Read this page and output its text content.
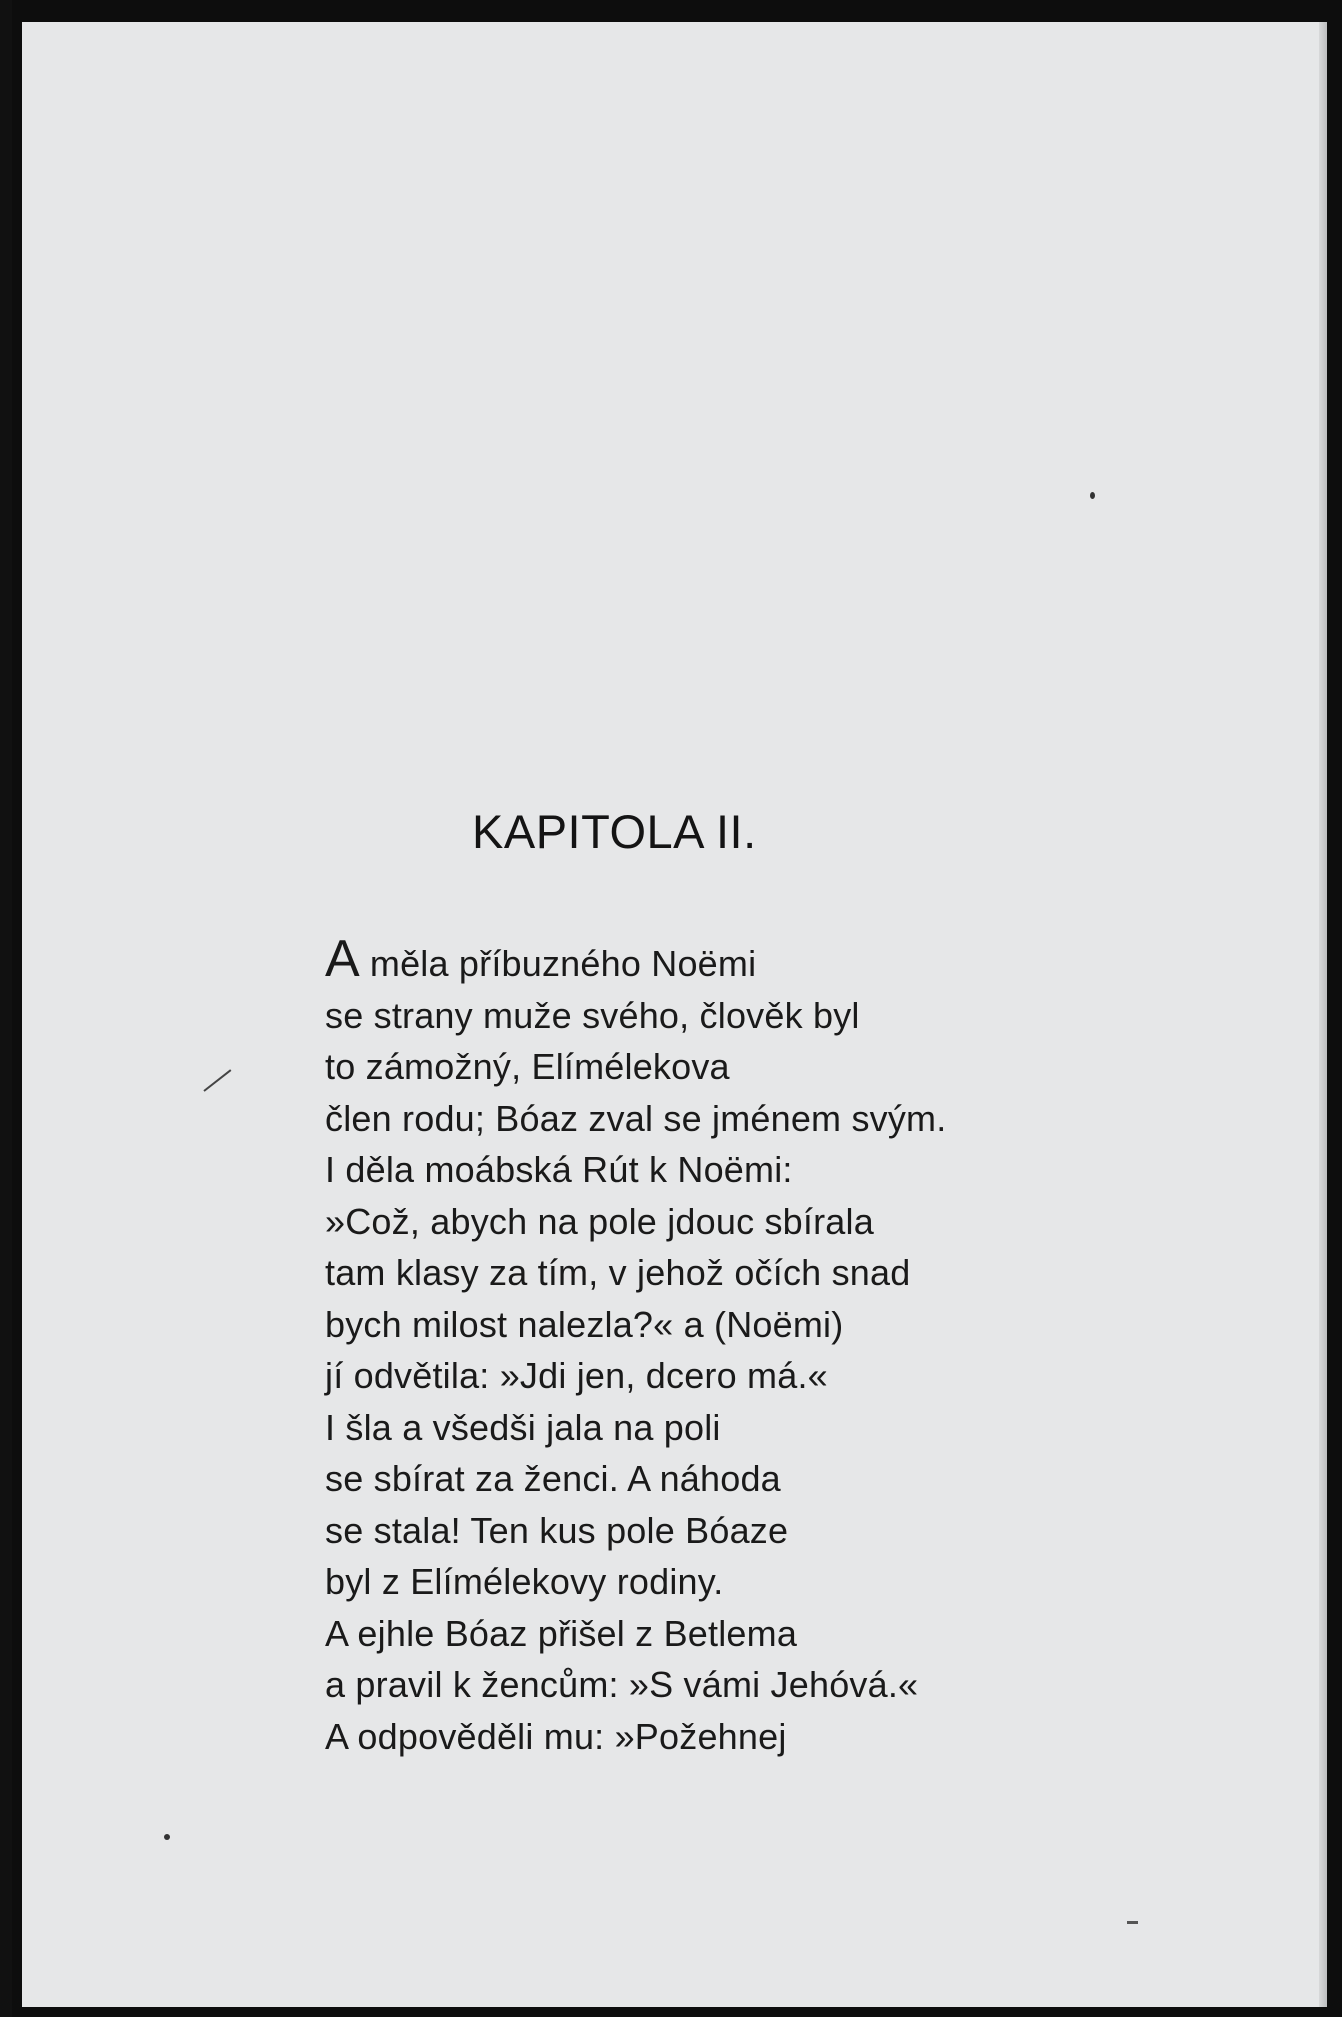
KAPITOLA II.
A měla příbuzného Noëmi
se strany muže svého, člověk byl
to zámožný, Elímélekova
člen rodu; Bóaz zval se jménem svým.
I děla moábská Rút k Noëmi:
»Což, abych na pole jdouc sbírala
tam klasy za tím, v jehož očích snad
bych milost nalezla?« a (Noëmi)
jí odvětila: »Jdi jen, dcero má.«
I šla a všedši jala na poli
se sbírat za ženci. A náhoda
se stala! Ten kus pole Bóaze
byl z Elímélekovy rodiny.
A ejhle Bóaz přišel z Betlema
a pravil k žencům: »S vámi Jehóvá.«
A odpověděli mu: »Požehnej
